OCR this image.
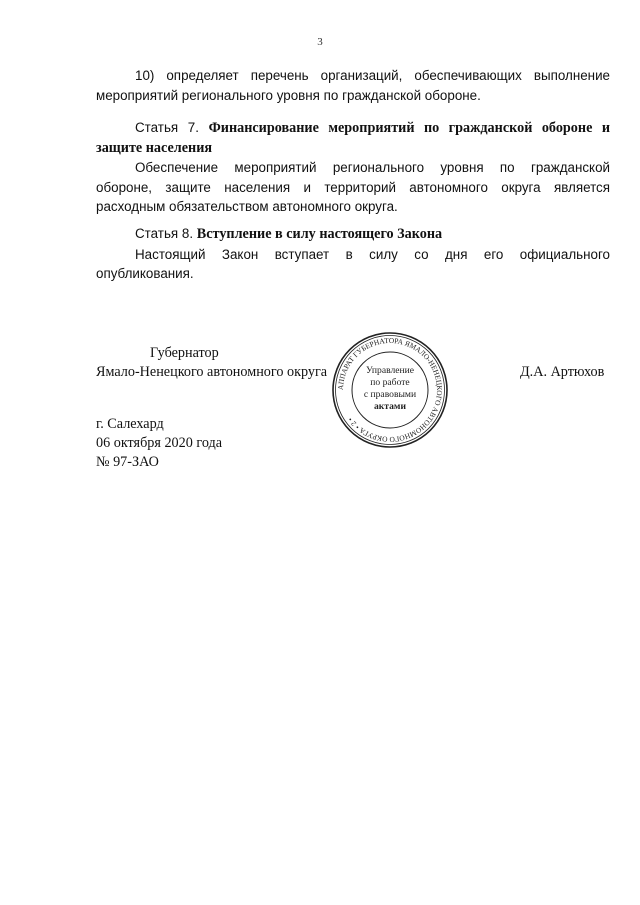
3
10) определяет перечень организаций, обеспечивающих выполнение
мероприятий регионального уровня по гражданской обороне.
Статья 7. Финансирование мероприятий по гражданской обороне и
защите населения
Обеспечение мероприятий регионального уровня по гражданской
обороне, защите населения и территорий автономного округа является
расходным обязательством автономного округа.
Статья 8. Вступление в силу настоящего Закона
Настоящий Закон вступает в силу со дня его официального
опубликования.
Губернатор
Ямало-Ненецкого автономного округа	Д.А. Артюхов
АППАРАТ ГУБЕРНАТОРА ЯМАЛО-НЕНЕЦКОГО АВТОНОМНОГО ОКРУГА • 2 •
Управление
по работе
с правовыми
актами
г. Салехард
06 октября 2020 года
№ 97-ЗАО
